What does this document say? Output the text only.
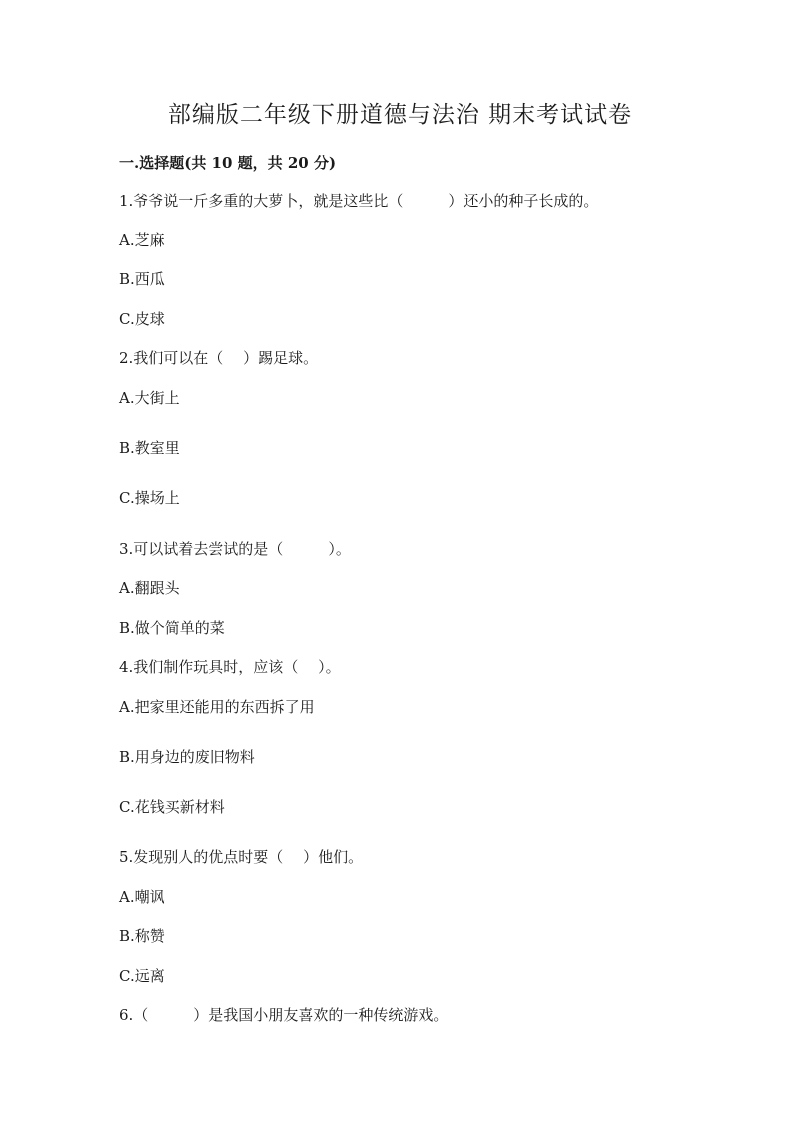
部编版二年级下册道德与法治 期末考试试卷
一.选择题(共 10 题，共 20 分)
1.爷爷说一斤多重的大萝卜，就是这些比（　　　）还小的种子长成的。
A.芝麻
B.西瓜
C.皮球
2.我们可以在（　 ）踢足球。
A.大街上
B.教室里
C.操场上
3.可以试着去尝试的是（　　　）。
A.翻跟头
B.做个简单的菜
4.我们制作玩具时，应该（　 ）。
A.把家里还能用的东西拆了用
B.用身边的废旧物料
C.花钱买新材料
5.发现别人的优点时要（　 ）他们。
A.嘲讽
B.称赞
C.远离
6.（　　　）是我国小朋友喜欢的一种传统游戏。
